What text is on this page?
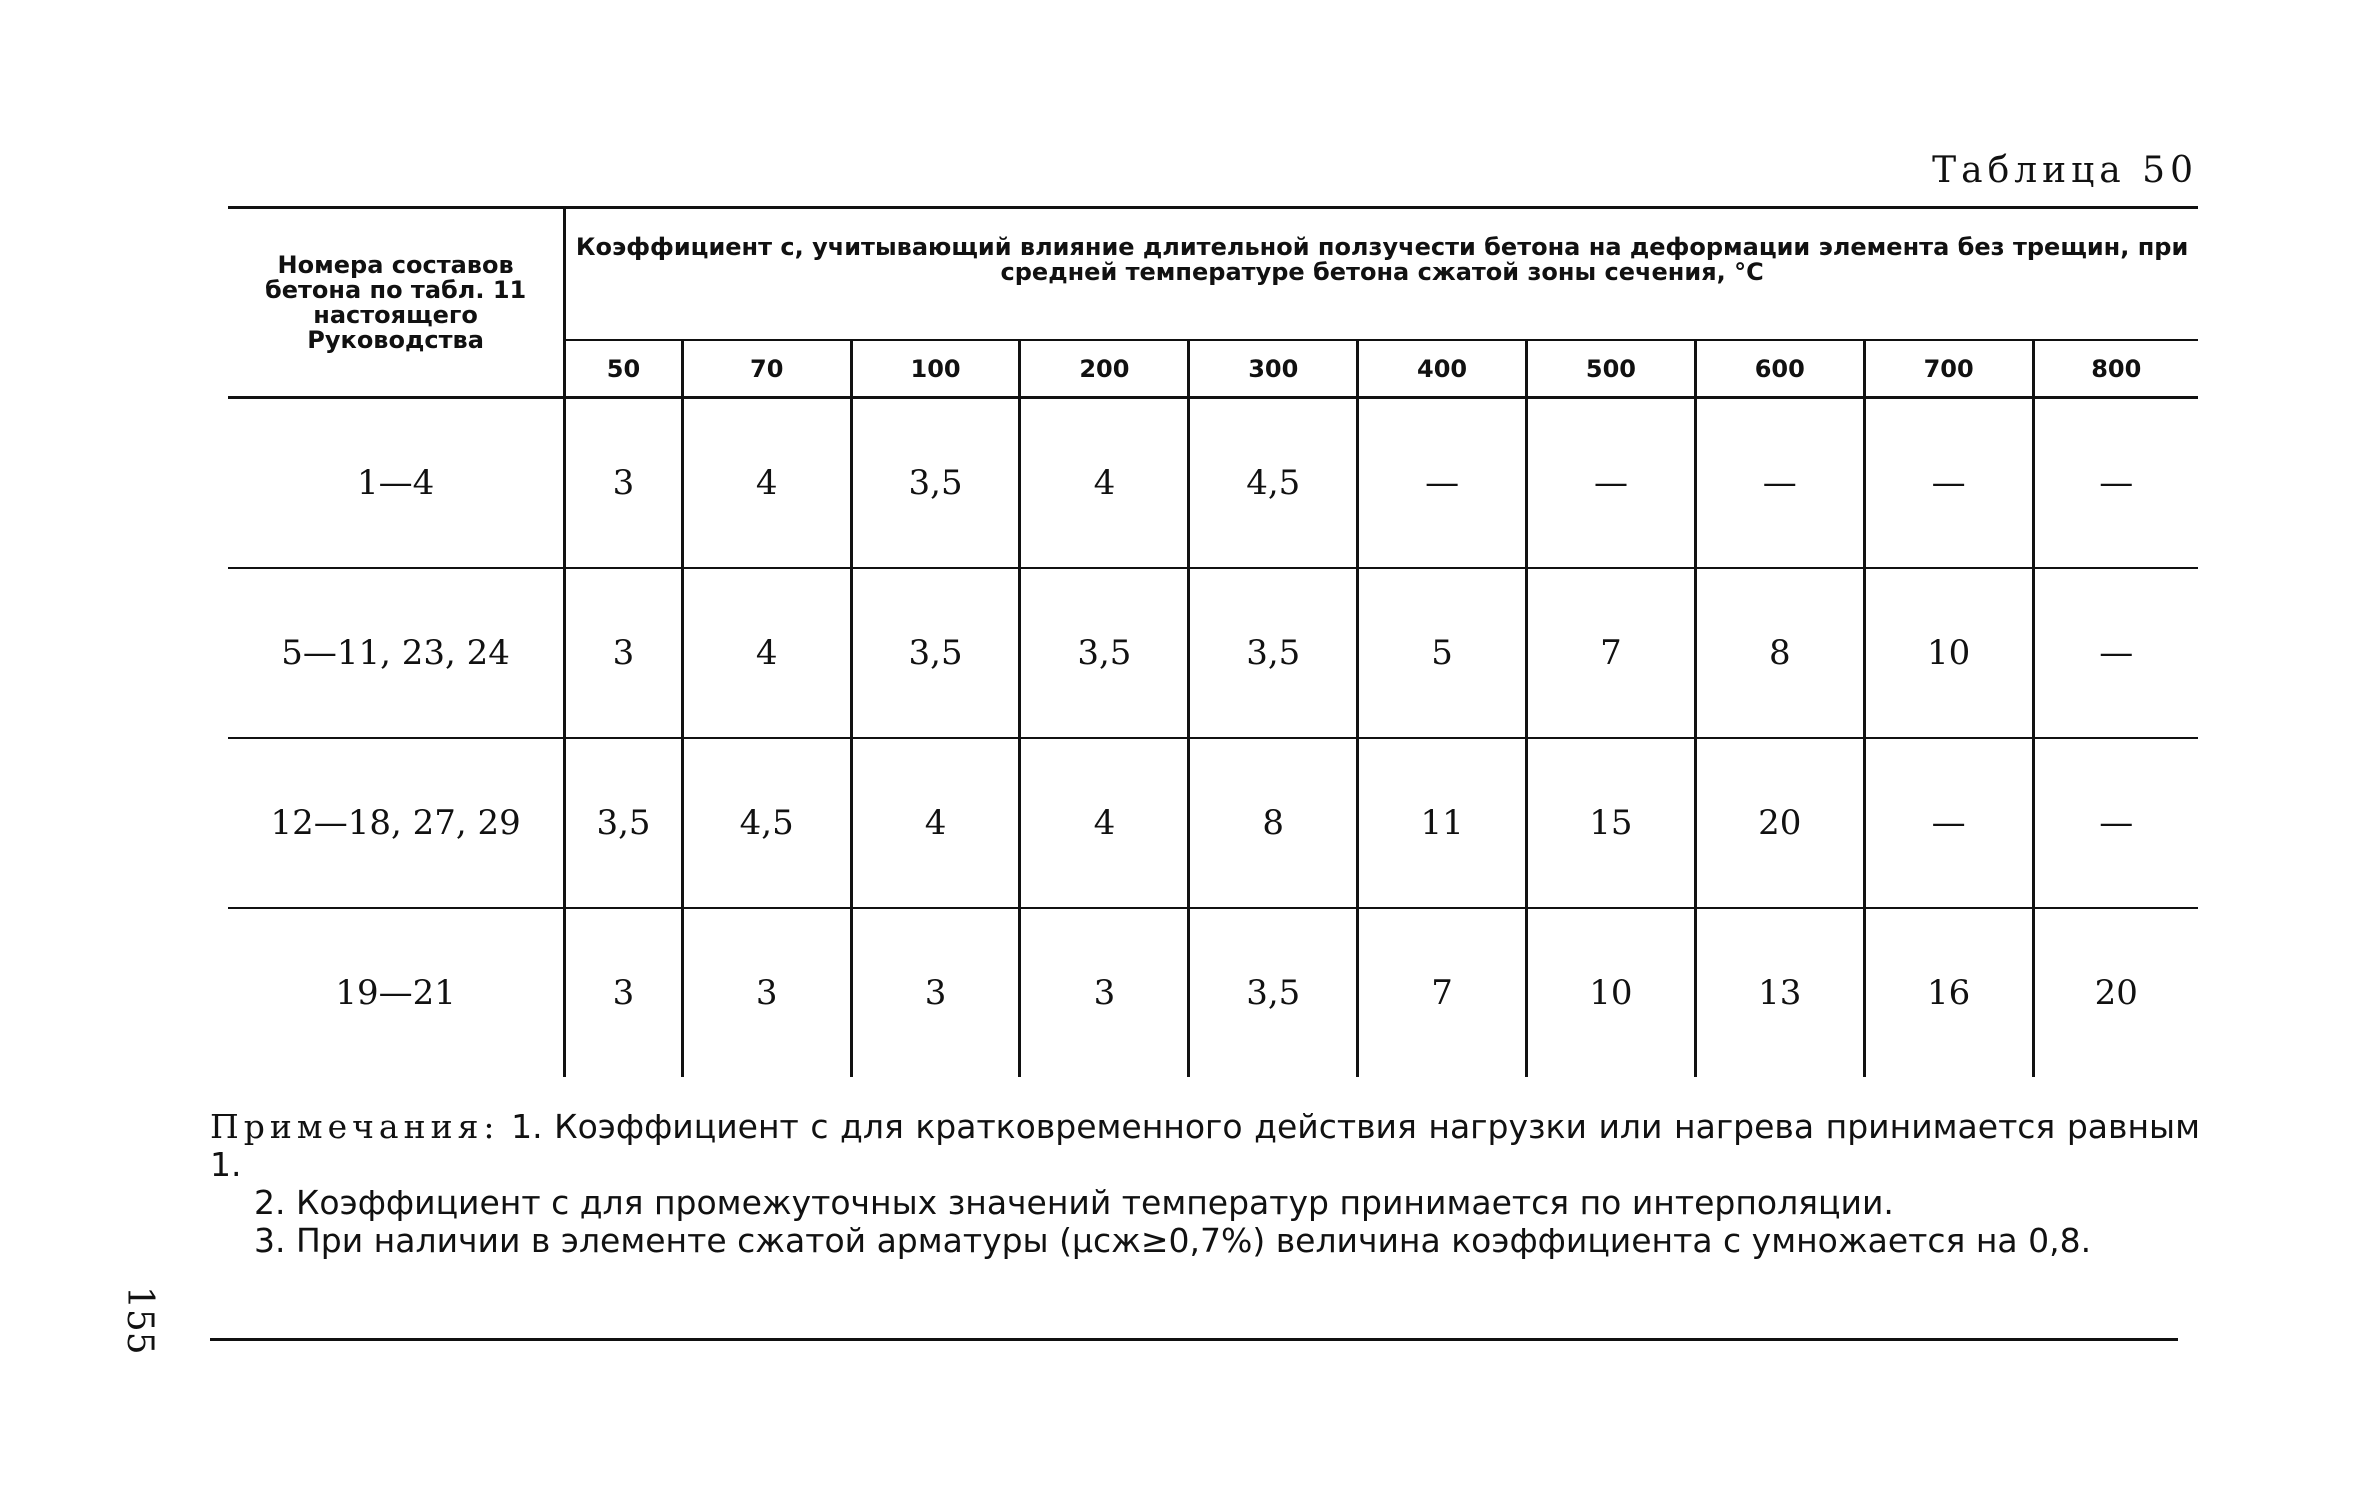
Таблица 50
Номера составов бетона по табл. 11 настоящего Руководства	Коэффициент с, учитывающий влияние длительной ползучести бетона на деформации элемента без трещин, при средней температуре бетона сжатой зоны сечения, °С									
	50	70	100	200	300	400	500	600	700	800
1—4	3	4	3,5	4	4,5	—	—	—	—	—
5—11, 23, 24	3	4	3,5	3,5	3,5	5	7	8	10	—
12—18, 27, 29	3,5	4,5	4	4	8	11	15	20	—	—
19—21	3	3	3	3	3,5	7	10	13	16	20

Примечания: 1. Коэффициент с для кратковременного действия нагрузки или нагрева принимается равным 1.

2. Коэффициент с для промежуточных значений температур принимается по интерполяции.

3. При наличии в элементе сжатой арматуры (μсж≥0,7%) величина коэффициента с умножается на 0,8.

155
